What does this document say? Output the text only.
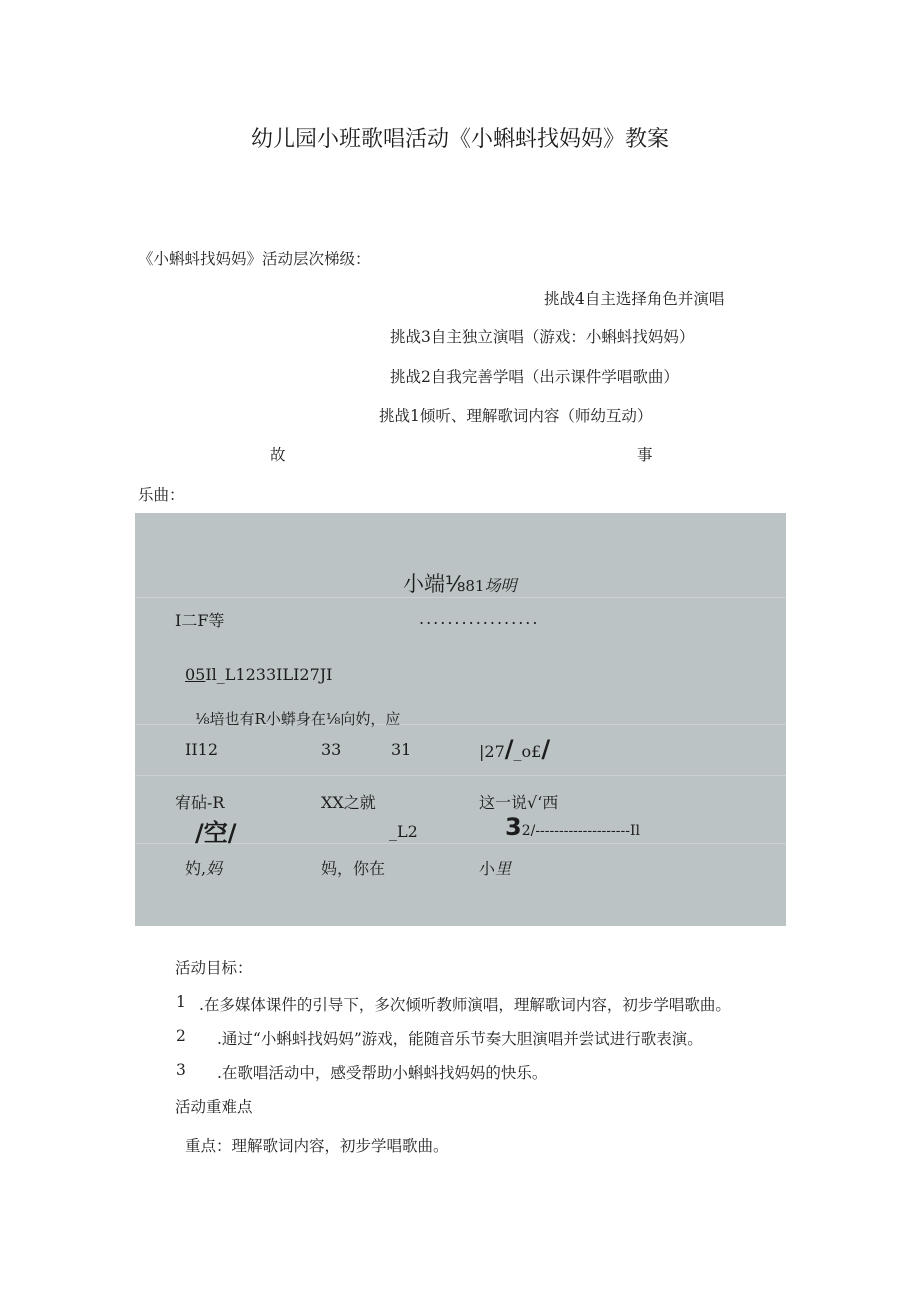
幼儿园小班歌唱活动《小蝌蚪找妈妈》教案
《小蝌蚪找妈妈》活动层次梯级：
挑战4自主选择角色并演唱
挑战3自主独立演唱（游戏：小蝌蚪找妈妈）
挑战2自我完善学唱（出示课件学唱歌曲）
挑战1倾听、理解歌词内容（师幼互动）
故	事
乐曲：
小端⅛81场明
I二F等	.................
05Il_L1233ILI27JI
⅛培也有R小蟒身在⅛向妁，应
II12	33	31	|27/_o£/
宥砧-R	XX之就	这一说√‘西
/空/	_L2	32/--------------------Il
妁,妈	妈，你在	小里
活动目标：
1 .在多媒体课件的引导下，多次倾听教师演唱，理解歌词内容，初步学唱歌曲。
2 .通过“小蝌蚪找妈妈”游戏，能随音乐节奏大胆演唱并尝试进行歌表演。
3 .在歌唱活动中，感受帮助小蝌蚪找妈妈的快乐。
活动重难点
重点：理解歌词内容，初步学唱歌曲。
